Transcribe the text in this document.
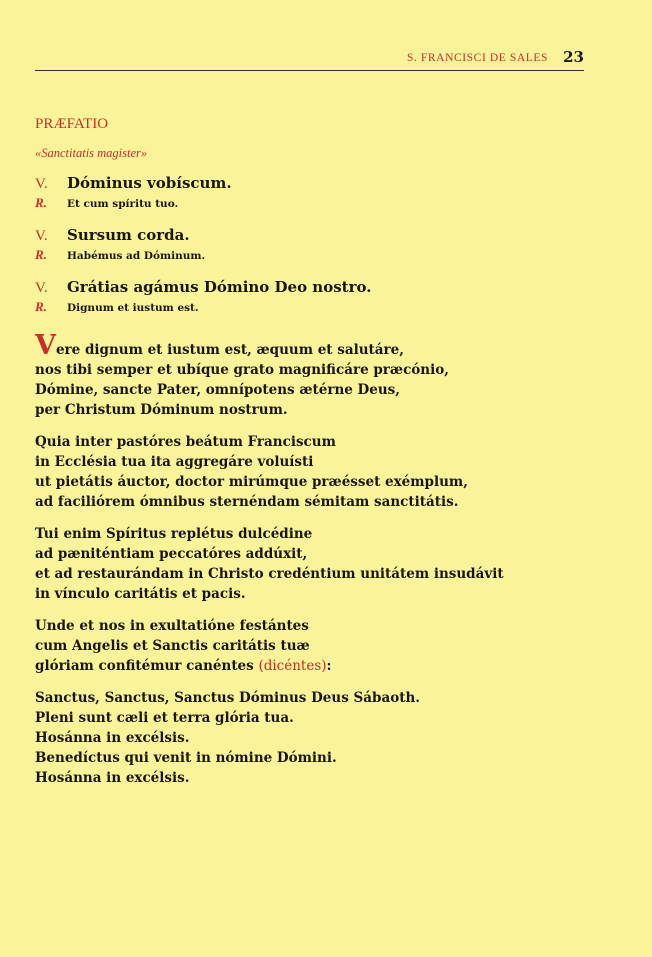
S. FRANCISCI DE SALES 23
PRÆFATIO
«Sanctitatis magister»
V.	Dóminus vobíscum.
R.	Et cum spíritu tuo.
V.	Sursum corda.
R.	Habémus ad Dóminum.
V.	Grátias agámus Dómino Deo nostro.
R.	Dignum et iustum est.
Vere dignum et iustum est, æquum et salutáre,
nos tibi semper et ubíque grato magnificáre præcónio,
Dómine, sancte Pater, omnípotens ætérne Deus,
per Christum Dóminum nostrum.
Quia inter pastóres beátum Franciscum
in Ecclésia tua ita aggregáre voluísti
ut pietátis áuctor, doctor mirúmque præésset exémplum,
ad faciliórem ómnibus sternéndam sémitam sanctitátis.
Tui enim Spíritus replétus dulcédine
ad pæniténtiam peccatóres addúxit,
et ad restaurándam in Christo credéntium unitátem insudávit
in vínculo caritátis et pacis.
Unde et nos in exultatióne festántes
cum Angelis et Sanctis caritátis tuæ
glóriam confitémur canéntes (dicéntes):
Sanctus, Sanctus, Sanctus Dóminus Deus Sábaoth.
Pleni sunt cæli et terra glória tua.
Hosánna in excélsis.
Benedíctus qui venit in nómine Dómini.
Hosánna in excélsis.
